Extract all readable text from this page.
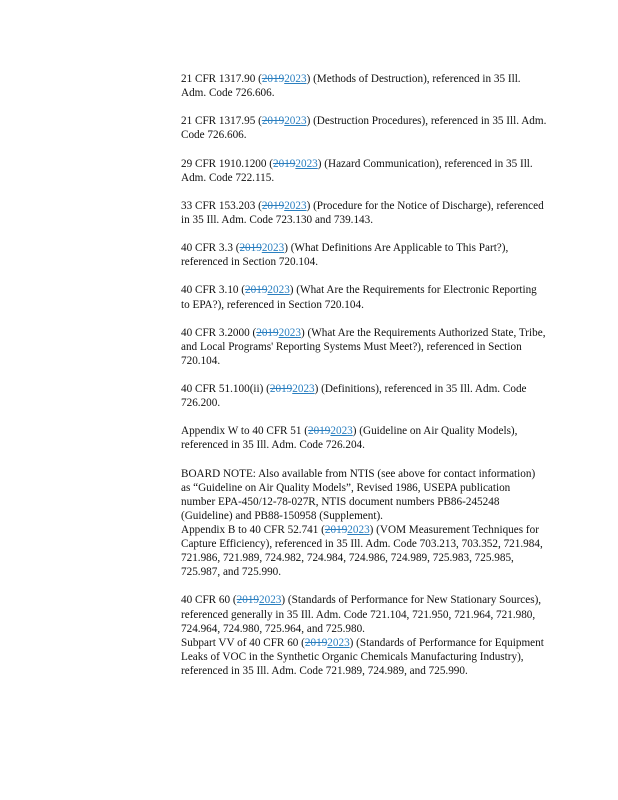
21 CFR 1317.90 (20192023) (Methods of Destruction), referenced in 35 Ill. Adm. Code 726.606.

21 CFR 1317.95 (20192023) (Destruction Procedures), referenced in 35 Ill. Adm. Code 726.606.

29 CFR 1910.1200 (20192023) (Hazard Communication), referenced in 35 Ill. Adm. Code 722.115.

33 CFR 153.203 (20192023) (Procedure for the Notice of Discharge), referenced in 35 Ill. Adm. Code 723.130 and 739.143.

40 CFR 3.3 (20192023) (What Definitions Are Applicable to This Part?), referenced in Section 720.104.

40 CFR 3.10 (20192023) (What Are the Requirements for Electronic Reporting to EPA?), referenced in Section 720.104.

40 CFR 3.2000 (20192023) (What Are the Requirements Authorized State, Tribe, and Local Programs' Reporting Systems Must Meet?), referenced in Section 720.104.

40 CFR 51.100(ii) (20192023) (Definitions), referenced in 35 Ill. Adm. Code 726.200.

Appendix W to 40 CFR 51 (20192023) (Guideline on Air Quality Models), referenced in 35 Ill. Adm. Code 726.204.

BOARD NOTE: Also available from NTIS (see above for contact information) as “Guideline on Air Quality Models”, Revised 1986, USEPA publication number EPA-450/12-78-027R, NTIS document numbers PB86-245248 (Guideline) and PB88-150958 (Supplement).

Appendix B to 40 CFR 52.741 (20192023) (VOM Measurement Techniques for Capture Efficiency), referenced in 35 Ill. Adm. Code 703.213, 703.352, 721.984, 721.986, 721.989, 724.982, 724.984, 724.986, 724.989, 725.983, 725.985, 725.987, and 725.990.

40 CFR 60 (20192023) (Standards of Performance for New Stationary Sources), referenced generally in 35 Ill. Adm. Code 721.104, 721.950, 721.964, 721.980, 724.964, 724.980, 725.964, and 725.980.

Subpart VV of 40 CFR 60 (20192023) (Standards of Performance for Equipment Leaks of VOC in the Synthetic Organic Chemicals Manufacturing Industry), referenced in 35 Ill. Adm. Code 721.989, 724.989, and 725.990.
